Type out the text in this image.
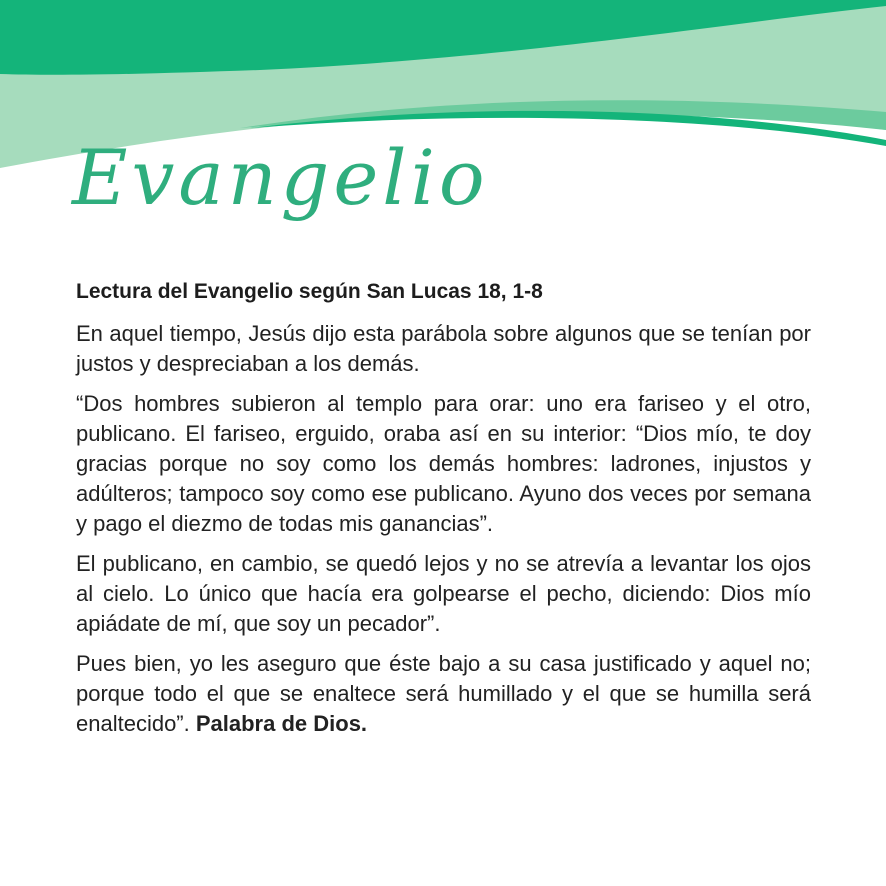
Evangelio
Lectura del Evangelio según San Lucas 18, 1-8

En aquel tiempo, Jesús dijo esta parábola sobre algunos que se tenían por justos y despreciaban a los demás.

“Dos hombres subieron al templo para orar: uno era fariseo y el otro, publicano. El fariseo, erguido, oraba así en su interior: “Dios mío, te doy gracias porque no soy como los demás hombres: ladrones, injustos y adúlteros; tampoco soy como ese publicano. Ayuno dos veces por semana y pago el diezmo de todas mis ganancias”.

El publicano, en cambio, se quedó lejos y no se atrevía a levantar los ojos al cielo. Lo único que hacía era golpearse el pecho, diciendo: Dios mío apiádate de mí, que soy un pecador”.

Pues bien, yo les aseguro que éste bajo a su casa justificado y aquel no; porque todo el que se enaltece será humillado y el que se humilla será enaltecido”. Palabra de Dios.
